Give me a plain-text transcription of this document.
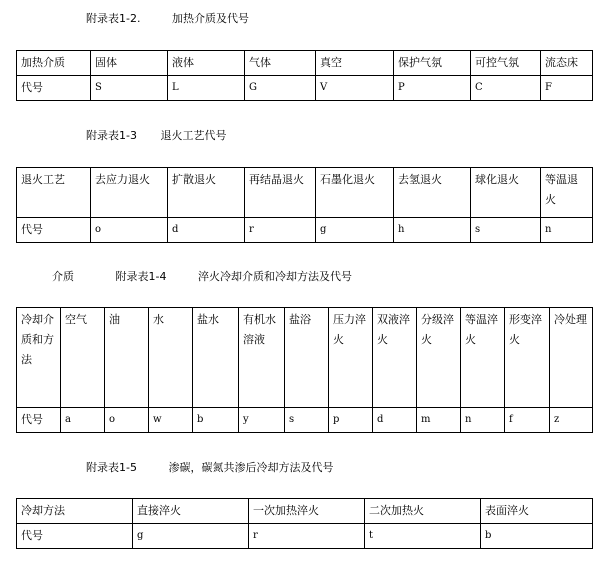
附录表1-2.	加热介质及代号
加热介质	固体	液体	气体	真空	保护气氛	可控气氛	流态床
代号	S	L	G	V	P	C	F
附录表1-3 退火工艺代号
退火工艺	去应力退火	扩散退火	再结晶退火	石墨化退火	去氢退火	球化退火	等温退火
代号	o	d	r	g	h	s	n
介质	附录表1-4	淬火冷却介质和冷却方法及代号
冷却介质和方法	空气	油	水	盐水	有机水溶液	盐浴	压力淬火	双液淬火	分级淬火	等温淬火	形变淬火	冷处理
代号	a	o	w	b	y	s	p	d	m	n	f	z
附录表1-5	渗碳，碳氮共渗后冷却方法及代号
冷却方法	直接淬火	一次加热淬火	二次加热火	表面淬火
代号	g	r	t	b
